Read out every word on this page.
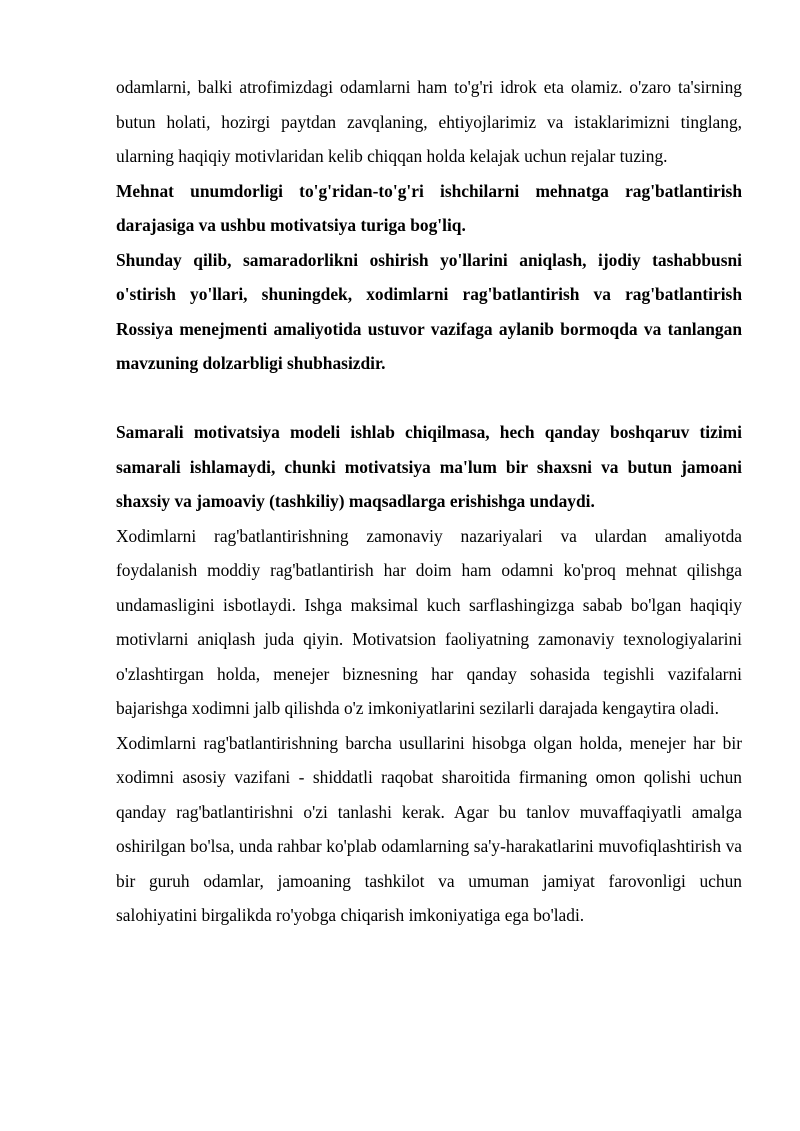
odamlarni, balki atrofimizdagi odamlarni ham to'g'ri idrok eta olamiz. o'zaro ta'sirning butun holati, hozirgi paytdan zavqlaning, ehtiyojlarimiz va istaklarimizni tinglang, ularning haqiqiy motivlaridan kelib chiqqan holda kelajak uchun rejalar tuzing.

Mehnat unumdorligi to'g'ridan-to'g'ri ishchilarni mehnatga rag'batlantirish darajasiga va ushbu motivatsiya turiga bog'liq.

Shunday qilib, samaradorlikni oshirish yo'llarini aniqlash, ijodiy tashabbusni o'stirish yo'llari, shuningdek, xodimlarni rag'batlantirish va rag'batlantirish Rossiya menejmenti amaliyotida ustuvor vazifaga aylanib bormoqda va tanlangan mavzuning dolzarbligi shubhasizdir.

Samarali motivatsiya modeli ishlab chiqilmasa, hech qanday boshqaruv tizimi samarali ishlamaydi, chunki motivatsiya ma'lum bir shaxsni va butun jamoani shaxsiy va jamoaviy (tashkiliy) maqsadlarga erishishga undaydi.

Xodimlarni rag'batlantirishning zamonaviy nazariyalari va ulardan amaliyotda foydalanish moddiy rag'batlantirish har doim ham odamni ko'proq mehnat qilishga undamasligini isbotlaydi. Ishga maksimal kuch sarflashingizga sabab bo'lgan haqiqiy motivlarni aniqlash juda qiyin. Motivatsion faoliyatning zamonaviy texnologiyalarini o'zlashtirgan holda, menejer biznesning har qanday sohasida tegishli vazifalarni bajarishga xodimni jalb qilishda o'z imkoniyatlarini sezilarli darajada kengaytira oladi.

Xodimlarni rag'batlantirishning barcha usullarini hisobga olgan holda, menejer har bir xodimni asosiy vazifani - shiddatli raqobat sharoitida firmaning omon qolishi uchun qanday rag'batlantirishni o'zi tanlashi kerak. Agar bu tanlov muvaffaqiyatli amalga oshirilgan bo'lsa, unda rahbar ko'plab odamlarning sa'y-harakatlarini muvofiqlashtirish va bir guruh odamlar, jamoaning tashkilot va umuman jamiyat farovonligi uchun salohiyatini birgalikda ro'yobga chiqarish imkoniyatiga ega bo'ladi.
